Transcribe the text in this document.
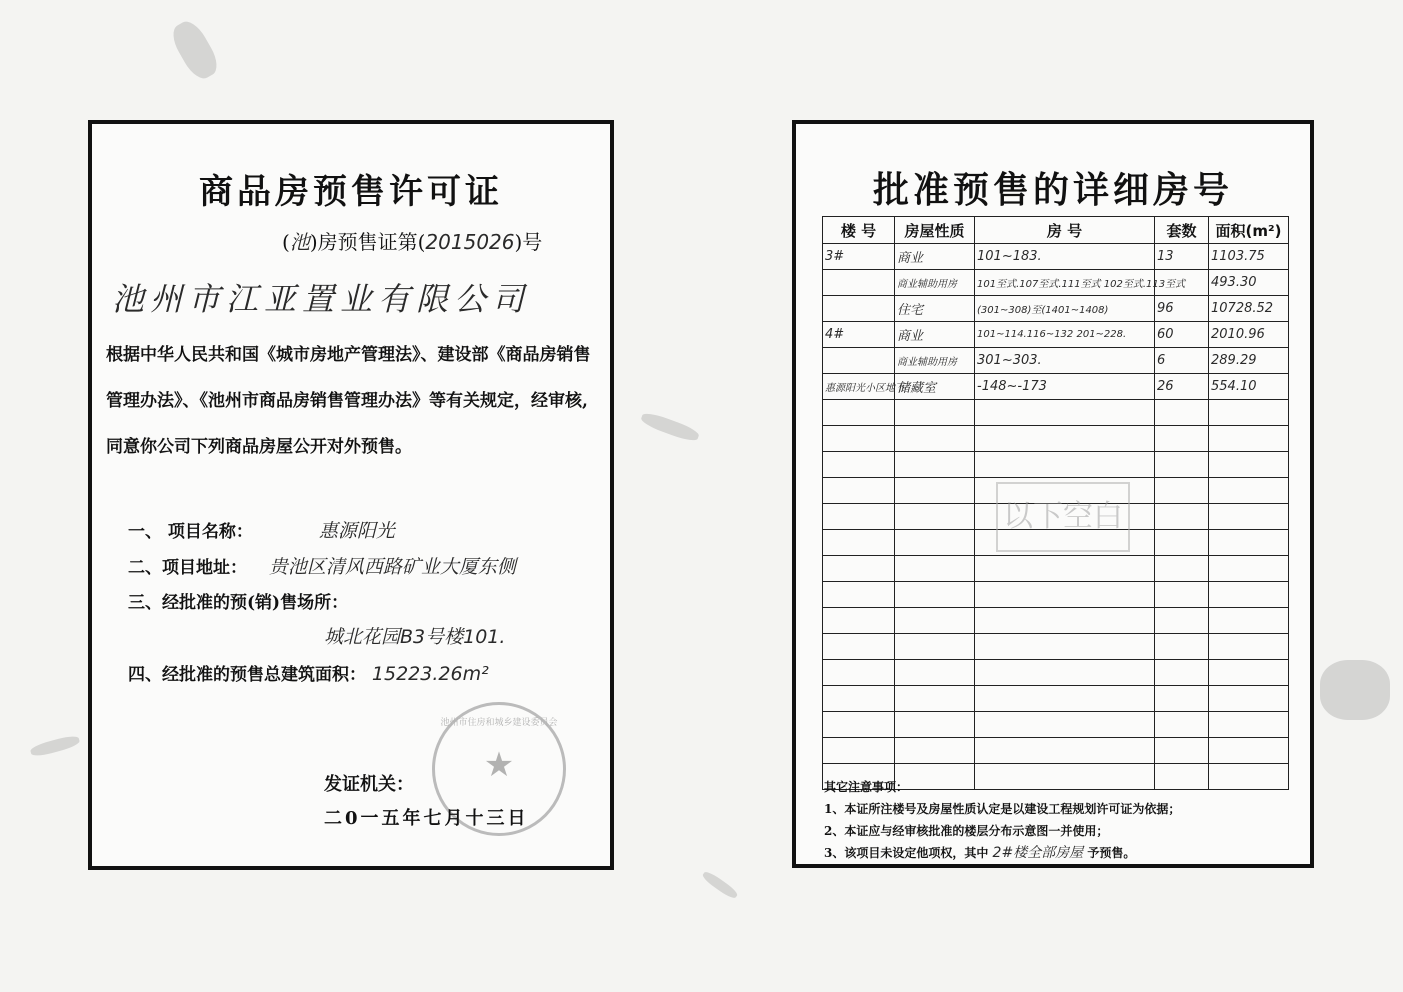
商品房预售许可证
(池)房预售证第(2015026)号
池州市江亚置业有限公司
根据中华人民共和国《城市房地产管理法》、建设部《商品房销售管理办法》、《池州市商品房销售管理办法》等有关规定，经审核,同意你公司下列商品房屋公开对外预售。
一、 项目名称：	惠源阳光
二、项目地址： 贵池区清风西路矿业大厦东侧
三、经批准的预(销)售场所：
城北花园B3号楼101.
四、经批准的预售总建筑面积： 15223.26m²
池州市住房和城乡建设委员会
★
发证机关：
二0一五年七月十三日
批准预售的详细房号
楼 号	房屋性质	房 号	套数	面积(m²)
3#	商业	101~183.	13	1103.75
	商业辅助用房	101至式.107至式.111至式 102至式.113至式		493.30
	住宅	(301~308)至(1401~1408)	96	10728.52
4#	商业	101~114.116~132 201~228.	60	2010.96
	商业辅助用房	301~303.	6	289.29
惠源阳光小区地下	储藏室	-148~-173	26	554.10

以下空白
其它注意事项：
1、本证所注楼号及房屋性质认定是以建设工程规划许可证为依据；
2、本证应与经审核批准的楼层分布示意图一并使用；
3、该项目未设定他项权，其中 2#楼全部房屋 予预售。
